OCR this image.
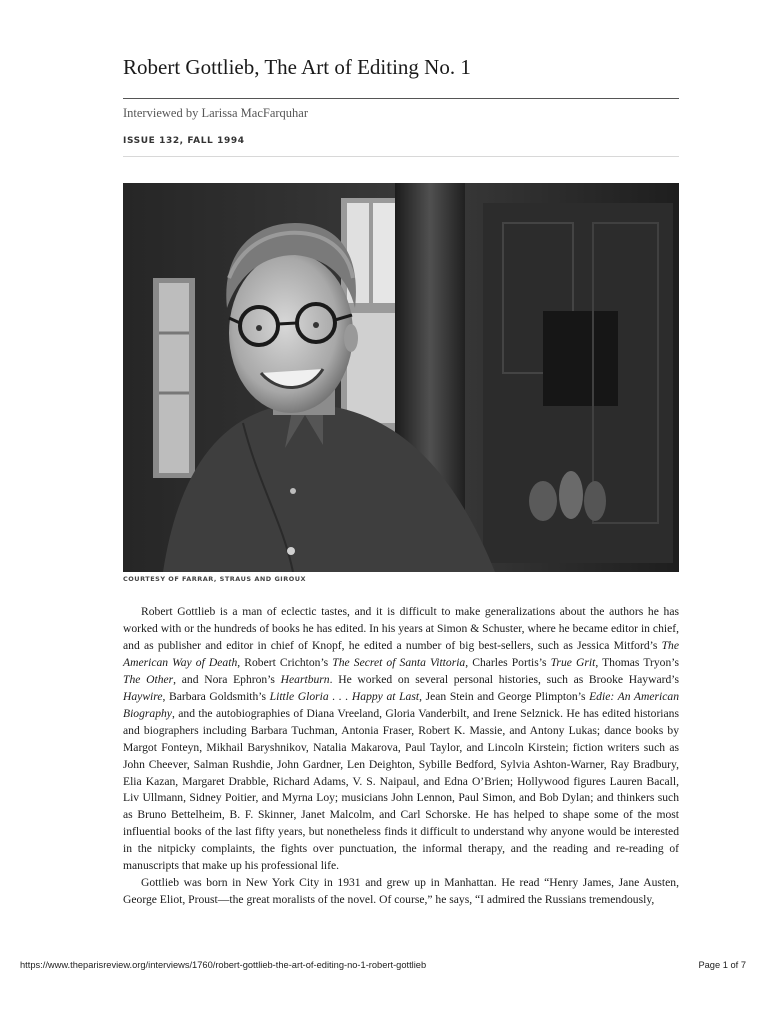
Robert Gottlieb, The Art of Editing No. 1
Interviewed by Larissa MacFarquhar
ISSUE 132, FALL 1994
COURTESY OF FARRAR, STRAUS AND GIROUX

Robert Gottlieb is a man of eclectic tastes, and it is difficult to make generalizations about the authors he has worked with or the hundreds of books he has edited. In his years at Simon & Schuster, where he became editor in chief, and as publisher and editor in chief of Knopf, he edited a number of big best-sellers, such as Jessica Mitford’s The American Way of Death, Robert Crichton’s The Secret of Santa Vittoria, Charles Portis’s True Grit, Thomas Tryon’s The Other, and Nora Ephron’s Heartburn. He worked on several personal histories, such as Brooke Hayward’s Haywire, Barbara Goldsmith’s Little Gloria . . . Happy at Last, Jean Stein and George Plimpton’s Edie: An American Biography, and the autobiographies of Diana Vreeland, Gloria Vanderbilt, and Irene Selznick. He has edited historians and biographers including Barbara Tuchman, Antonia Fraser, Robert K. Massie, and Antony Lukas; dance books by Margot Fonteyn, Mikhail Baryshnikov, Natalia Makarova, Paul Taylor, and Lincoln Kirstein; fiction writers such as John Cheever, Salman Rushdie, John Gardner, Len Deighton, Sybille Bedford, Sylvia Ashton-Warner, Ray Bradbury, Elia Kazan, Margaret Drabble, Richard Adams, V. S. Naipaul, and Edna O’Brien; Hollywood figures Lauren Bacall, Liv Ullmann, Sidney Poitier, and Myrna Loy; musicians John Lennon, Paul Simon, and Bob Dylan; and thinkers such as Bruno Bettelheim, B. F. Skinner, Janet Malcolm, and Carl Schorske. He has helped to shape some of the most influential books of the last fifty years, but nonetheless finds it difficult to understand why anyone would be interested in the nitpicky complaints, the fights over punctuation, the informal therapy, and the reading and re-reading of manuscripts that make up his professional life.

Gottlieb was born in New York City in 1931 and grew up in Manhattan. He read “Henry James, Jane Austen, George Eliot, Proust—the great moralists of the novel. Of course,” he says, “I admired the Russians tremendously,

https://www.theparisreview.org/interviews/1760/robert-gottlieb-the-art-of-editing-no-1-robert-gottlieb	Page 1 of 7
